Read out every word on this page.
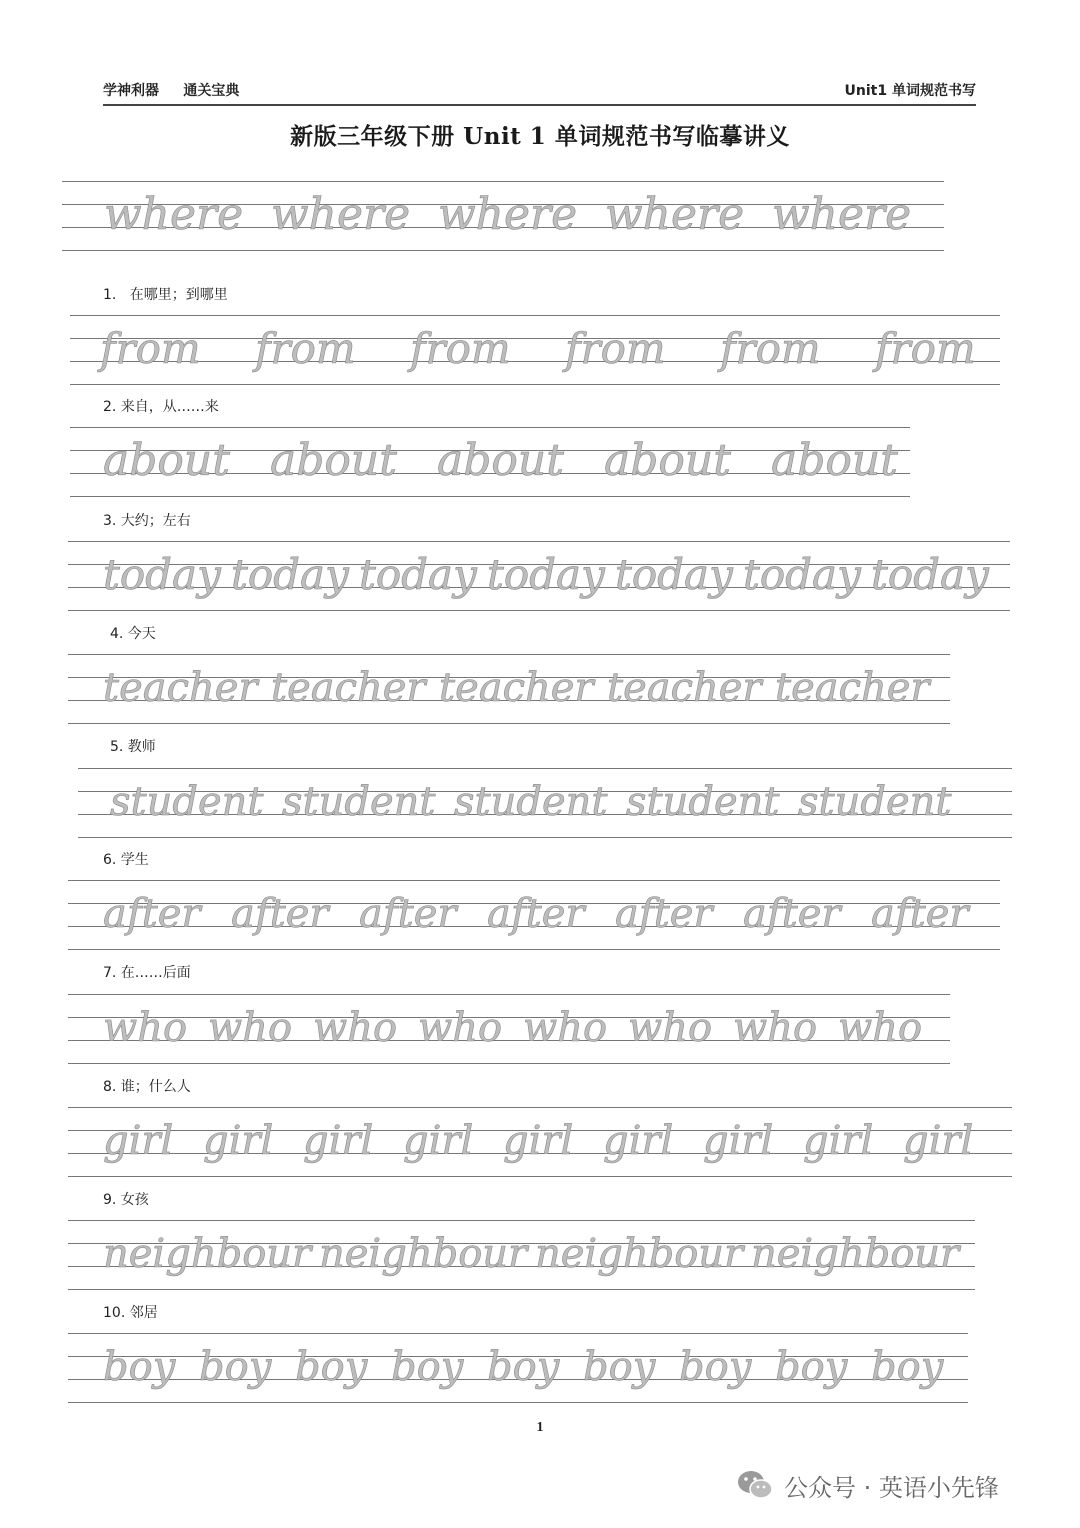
学神利器     通关宝典	Unit1 单词规范书写
新版三年级下册 Unit 1 单词规范书写临摹讲义
where where where where where
1.   在哪里；到哪里
from from from from from from
2. 来自，从……来
about about about about about
3. 大约；左右
today today today today today today today
4. 今天
teacher teacher teacher teacher teacher
5. 教师
student student student student student
6. 学生
after after after after after after after
7. 在……后面
who who who who who who who who
8. 谁；什么人
girl girl girl girl girl girl girl girl girl
9. 女孩
neighbour neighbour neighbour neighbour
10. 邻居
boy boy boy boy boy boy boy boy boy
1
公众号 · 英语小先锋
